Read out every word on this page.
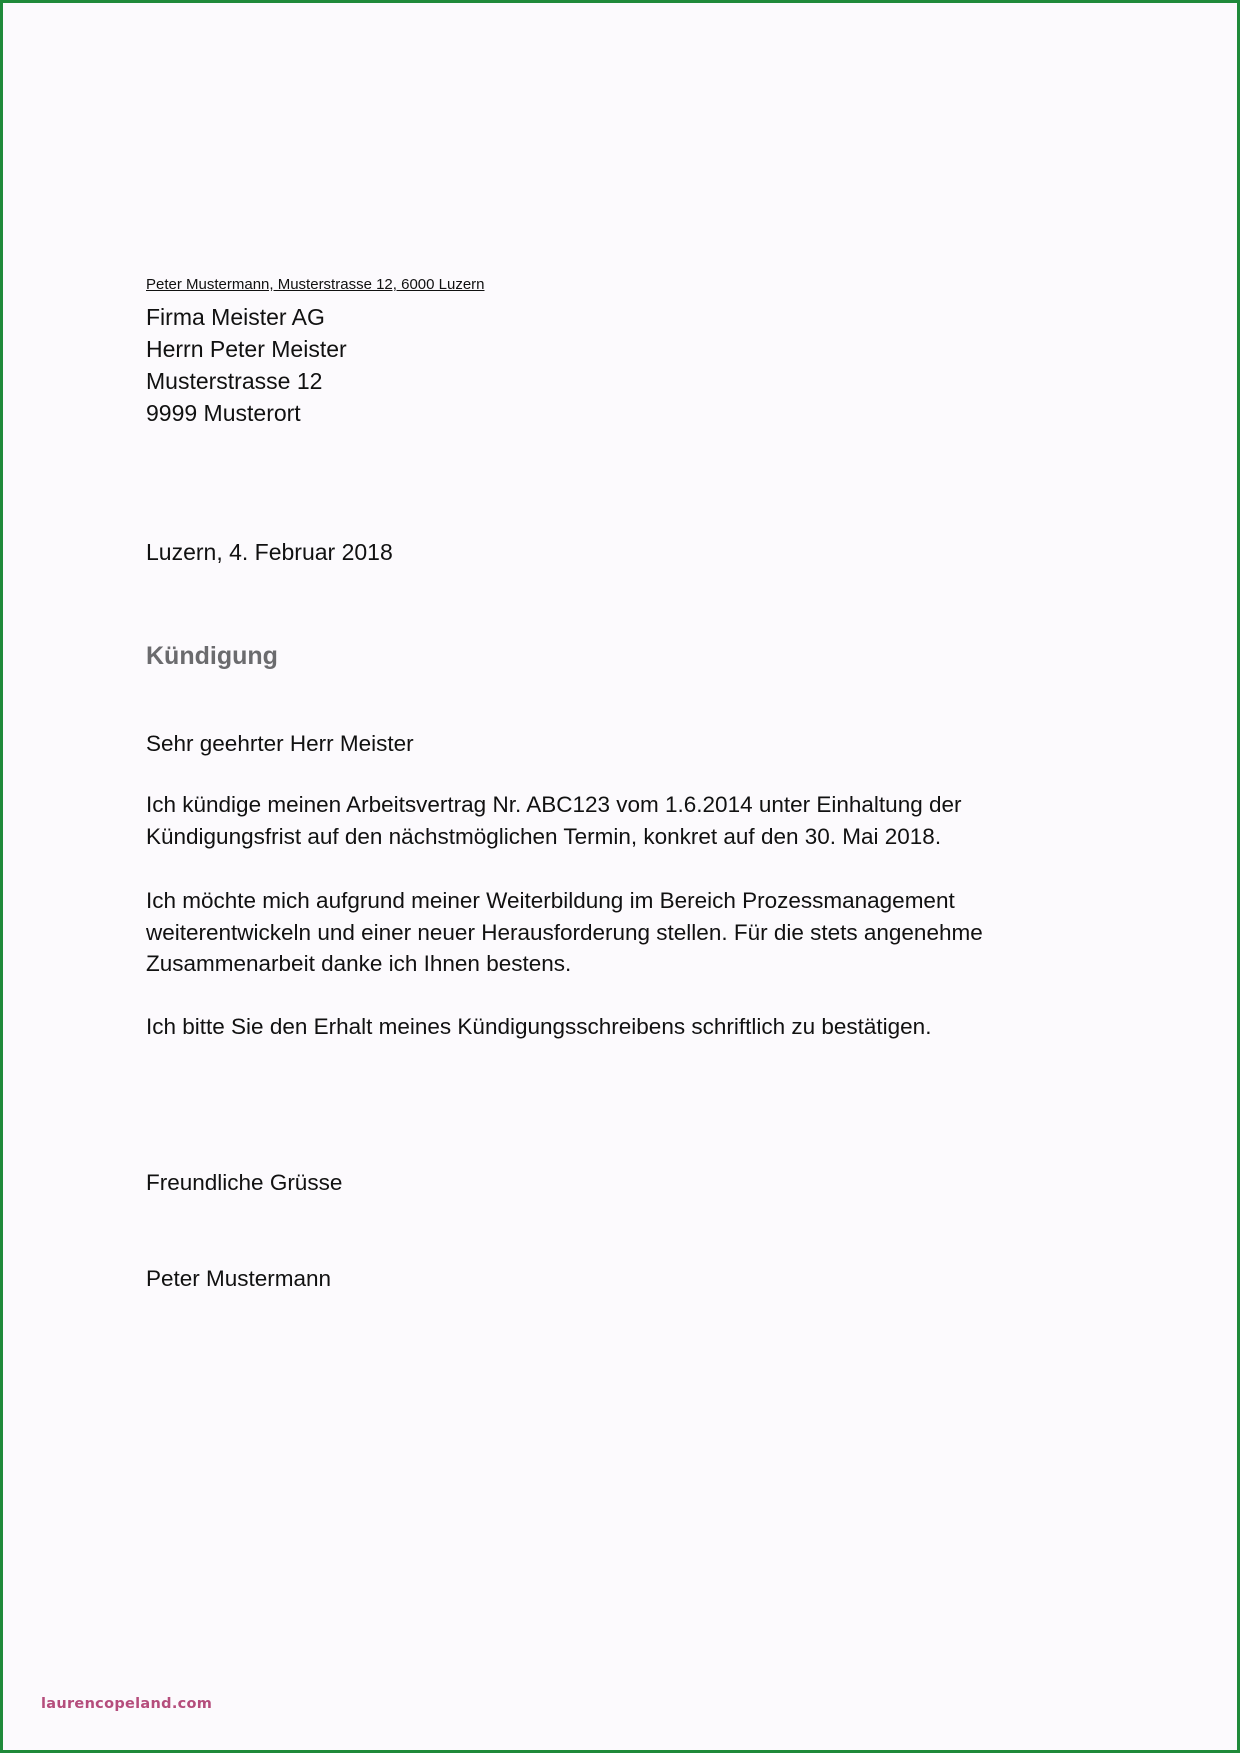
Peter Mustermann, Musterstrasse 12, 6000 Luzern
Firma Meister AG
Herrn Peter Meister
Musterstrasse 12
9999 Musterort
Luzern, 4. Februar 2018
Kündigung
Sehr geehrter Herr Meister
Ich kündige meinen Arbeitsvertrag Nr. ABC123 vom 1.6.2014 unter Einhaltung der
Kündigungsfrist auf den nächstmöglichen Termin, konkret auf den 30. Mai 2018.
Ich möchte mich aufgrund meiner Weiterbildung im Bereich Prozessmanagement
weiterentwickeln und einer neuer Herausforderung stellen. Für die stets angenehme
Zusammenarbeit danke ich Ihnen bestens.
Ich bitte Sie den Erhalt meines Kündigungsschreibens schriftlich zu bestätigen.
Freundliche Grüsse
Peter Mustermann
laurencopeland.com
